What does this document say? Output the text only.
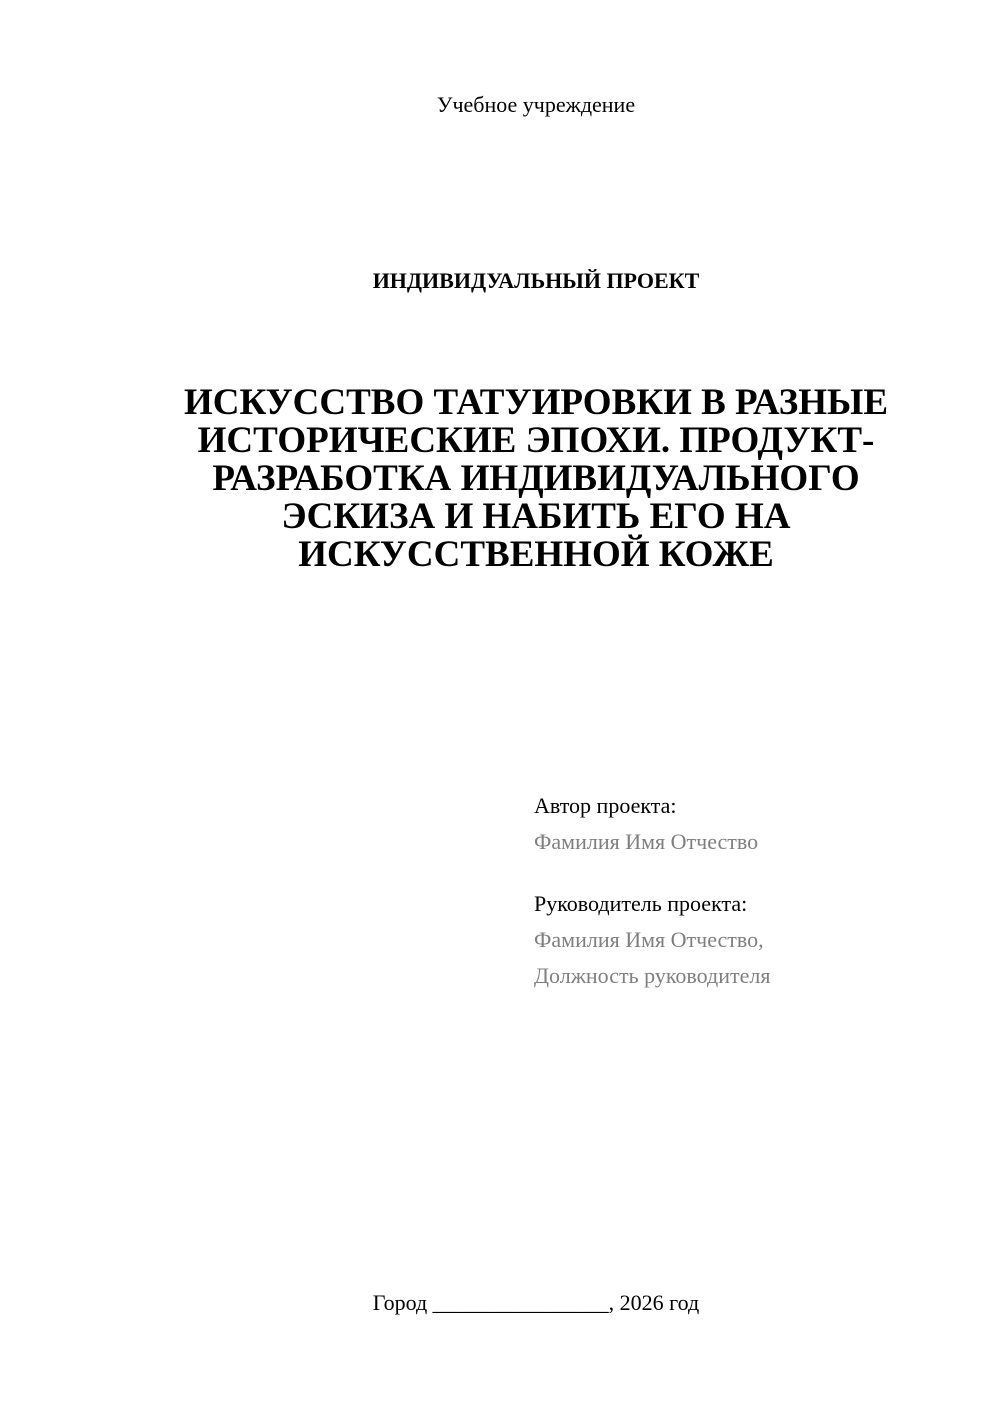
Учебное учреждение
ИНДИВИДУАЛЬНЫЙ ПРОЕКТ
ИСКУССТВО ТАТУИРОВКИ В РАЗНЫЕ
ИСТОРИЧЕСКИЕ ЭПОХИ. ПРОДУКТ-
РАЗРАБОТКА ИНДИВИДУАЛЬНОГО
ЭСКИЗА И НАБИТЬ ЕГО НА
ИСКУССТВЕННОЙ КОЖЕ
Автор проекта:
Фамилия Имя Отчество
Руководитель проекта:
Фамилия Имя Отчество,
Должность руководителя
Город ________________, 2026 год
